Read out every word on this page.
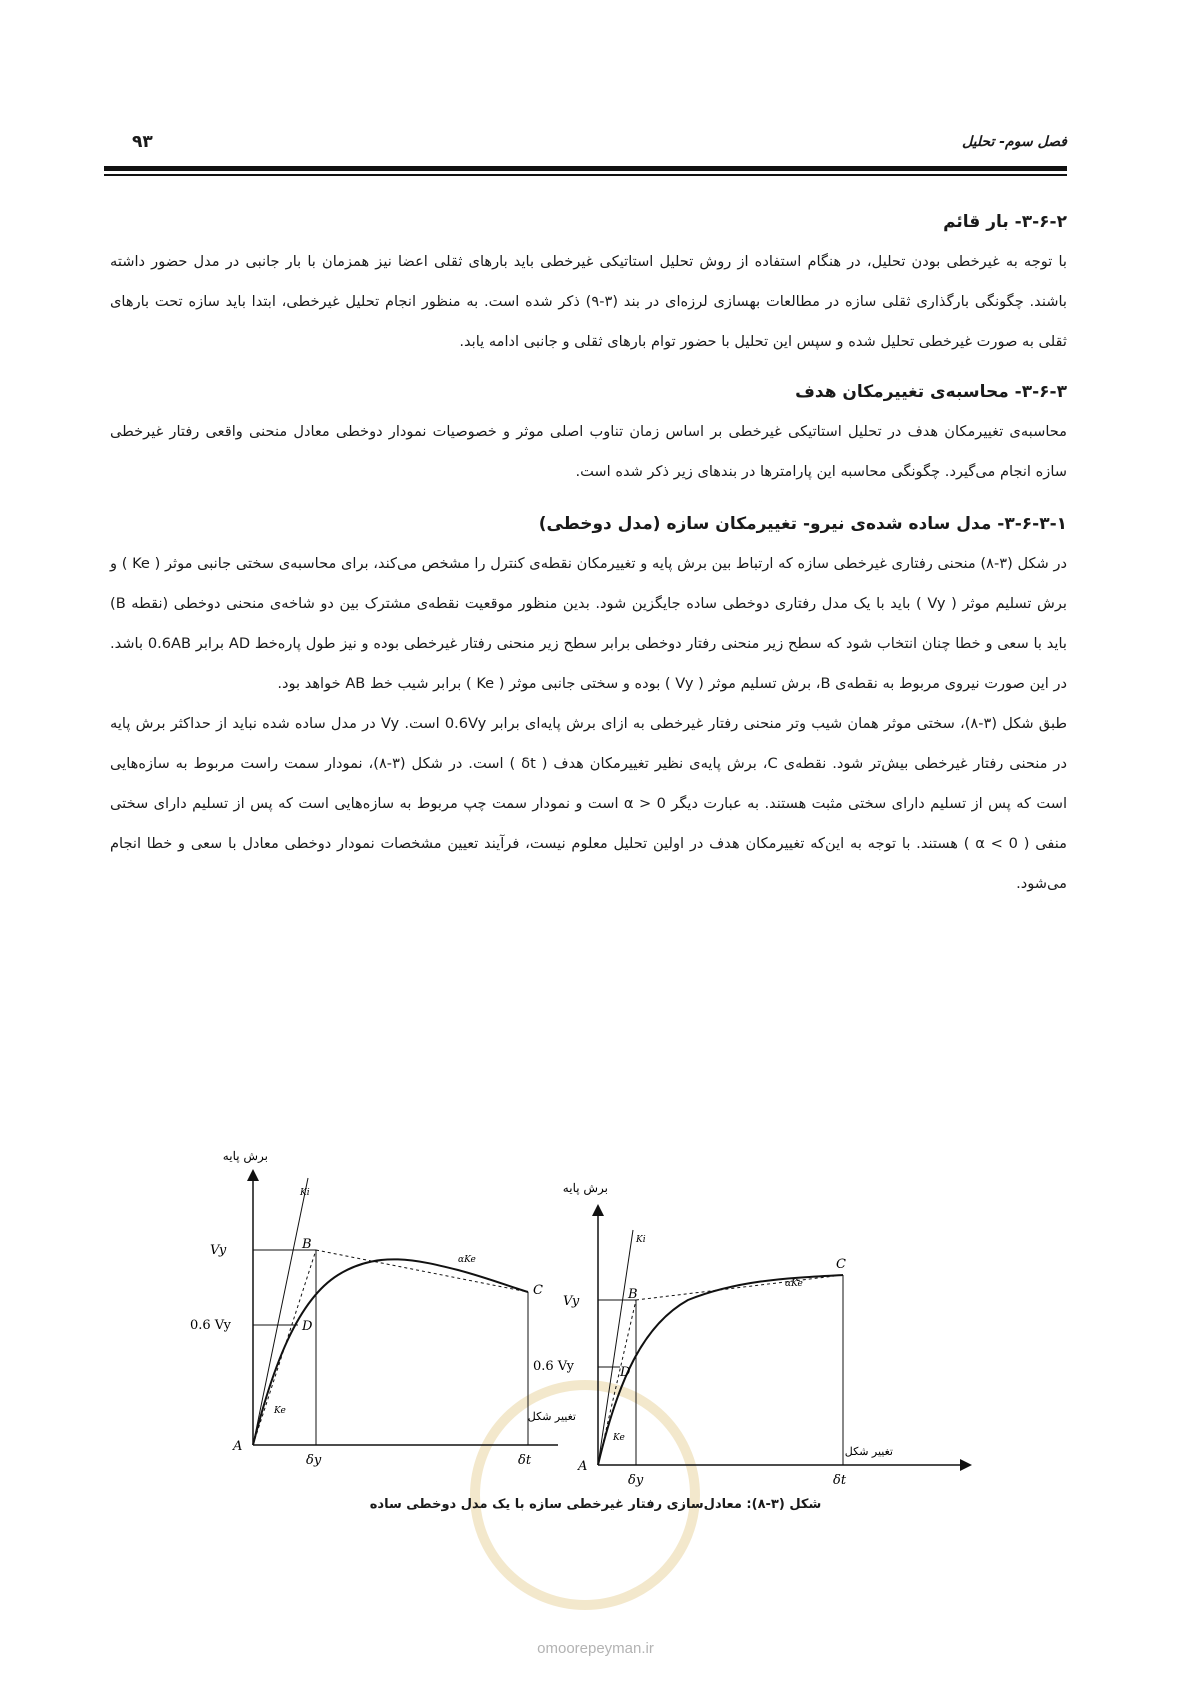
۹۳	فصل سوم- تحلیل
۳-۶-۲- بار قائم

با توجه به غیرخطی بودن تحلیل، در هنگام استفاده از روش تحلیل استاتیکی غیرخطی باید بارهای ثقلی اعضا نیز همزمان با بار جانبی در مدل حضور داشته باشند. چگونگی بارگذاری ثقلی سازه در مطالعات بهسازی لرزه‌ای در بند (۳-۹) ذکر شده است. به منظور انجام تحلیل غیرخطی، ابتدا باید سازه تحت بارهای ثقلی به صورت غیرخطی تحلیل شده و سپس این تحلیل با حضور توام بارهای ثقلی و جانبی ادامه یابد.

۳-۶-۳- محاسبه‌ی تغییرمکان هدف

محاسبه‌ی تغییرمکان هدف در تحلیل استاتیکی غیرخطی بر اساس زمان تناوب اصلی موثر و خصوصیات نمودار دوخطی معادل منحنی واقعی رفتار غیرخطی سازه انجام می‌گیرد. چگونگی محاسبه این پارامترها در بندهای زیر ذکر شده است.

۳-۶-۳-۱- مدل ساده شده‌ی نیرو- تغییرمکان سازه (مدل دوخطی)

در شکل (۳-۸) منحنی رفتاری غیرخطی سازه که ارتباط بین برش پایه و تغییرمکان نقطه‌ی کنترل را مشخص می‌کند، برای محاسبه‌ی سختی جانبی موثر ( Ke ) و برش تسلیم موثر ( Vy ) باید با یک مدل رفتاری دوخطی ساده جایگزین شود. بدین منظور موقعیت نقطه‌ی مشترک بین دو شاخه‌ی منحنی دوخطی (نقطه B) باید با سعی و خطا چنان انتخاب شود که سطح زیر منحنی رفتار دوخطی برابر سطح زیر منحنی رفتار غیرخطی بوده و نیز طول پاره‌خط AD برابر 0.6AB باشد. در این صورت نیروی مربوط به نقطه‌ی B، برش تسلیم موثر ( Vy ) بوده و سختی جانبی موثر ( Ke ) برابر شیب خط AB خواهد بود.

طبق شکل (۳-۸)، سختی موثر همان شیب وتر منحنی رفتار غیرخطی به ازای برش پایه‌ای برابر 0.6Vy است. Vy در مدل ساده شده نباید از حداکثر برش پایه در منحنی رفتار غیرخطی بیش‌تر شود. نقطه‌ی C، برش پایه‌ی نظیر تغییرمکان هدف ( δt ) است. در شکل (۳-۸)، نمودار سمت راست مربوط به سازه‌هایی است که پس از تسلیم دارای سختی مثبت هستند. به عبارت دیگر α > 0 است و نمودار سمت چپ مربوط به سازه‌هایی است که پس از تسلیم دارای سختی منفی ( α < 0 ) هستند. با توجه به این‌که تغییرمکان هدف در اولین تحلیل معلوم نیست، فرآیند تعیین مشخصات نمودار دوخطی معادل با سعی و خطا انجام می‌شود.

برش پایه
Vy
0.6 Vy
B
C
D
A
Ki
Ke
αKe
δy	δt
برش پایه
تغییر شکل
تغییر شکل
Vy
0.6 Vy
B
C
D
A
Ki
Ke
αKe
δy	δt
شکل (۳-۸): معادل‌سازی رفتار غیرخطی سازه با یک مدل دوخطی ساده
omoorepeyman.ir
